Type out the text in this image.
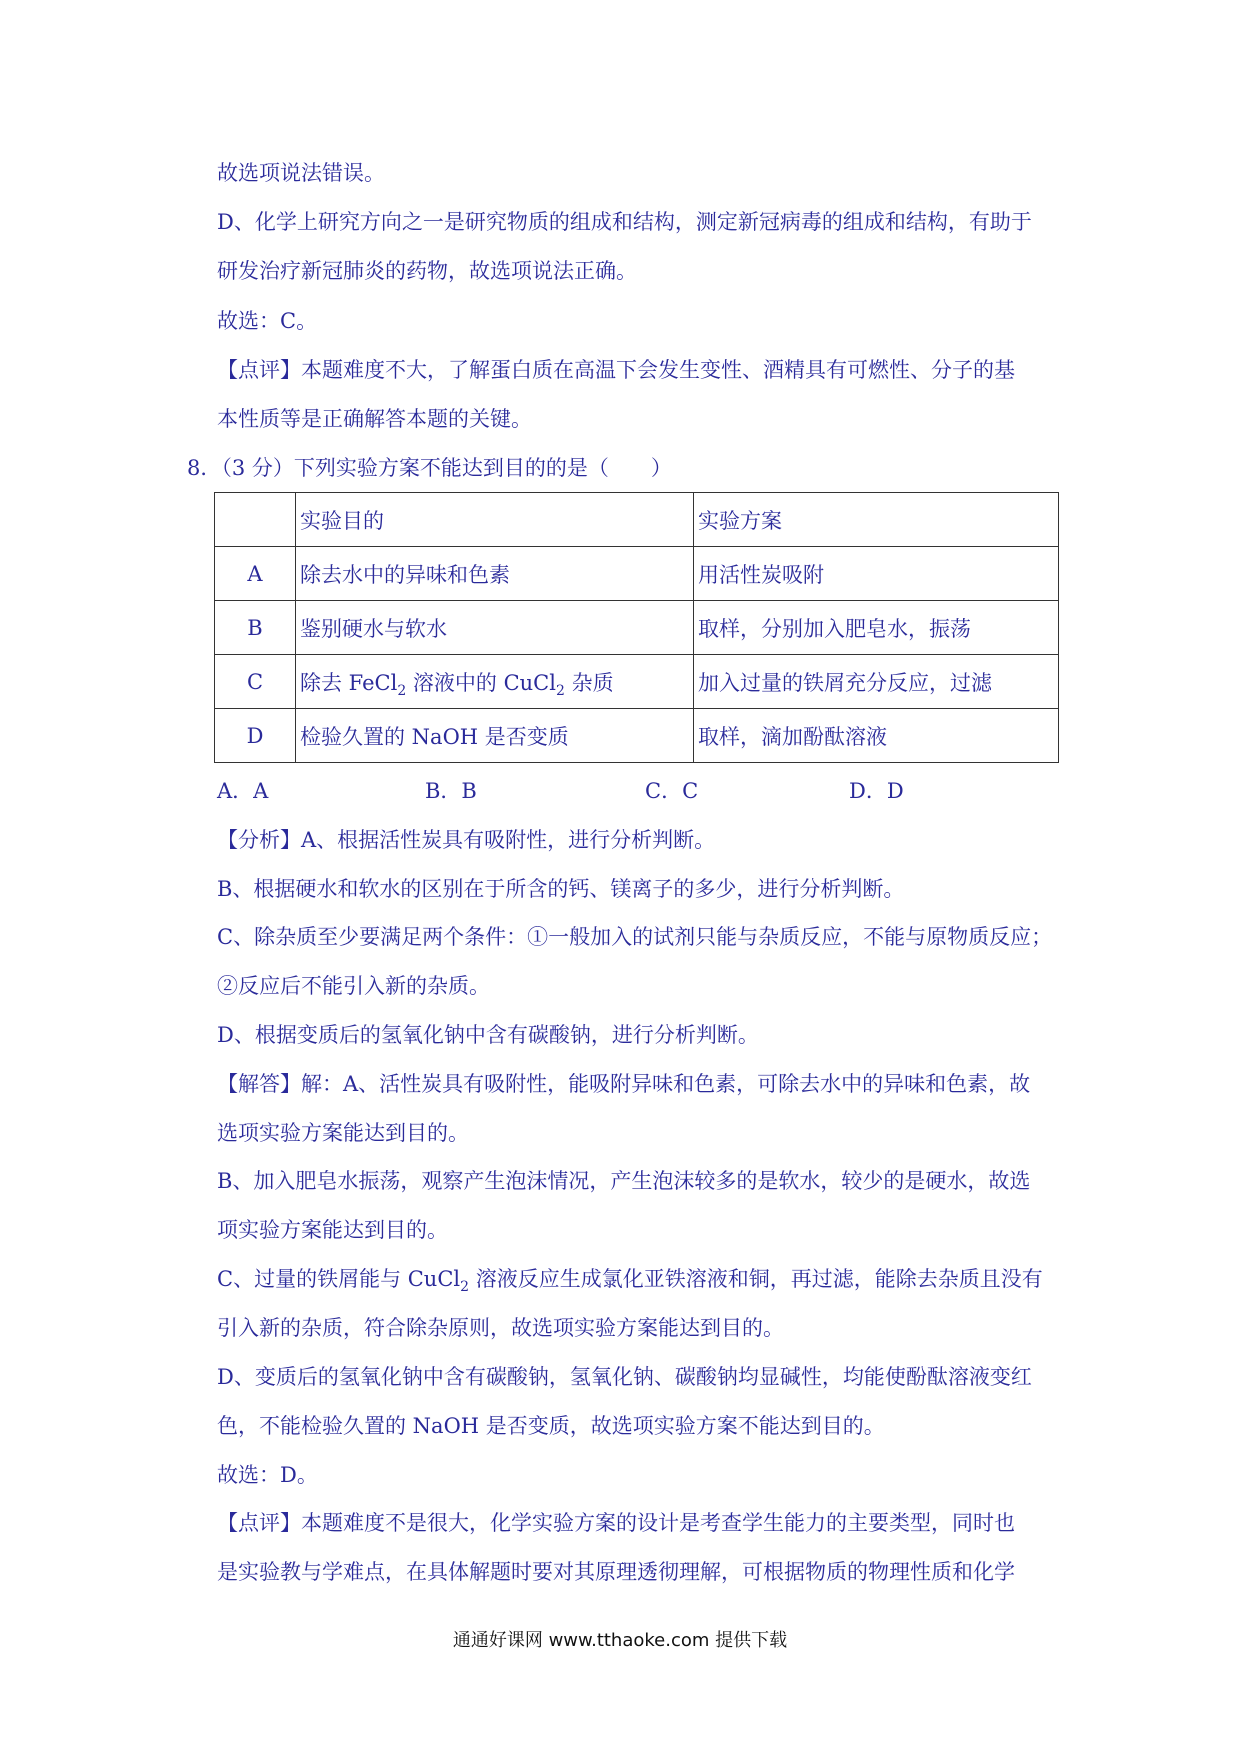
故选项说法错误。
D、化学上研究方向之一是研究物质的组成和结构，测定新冠病毒的组成和结构，有助于
研发治疗新冠肺炎的药物，故选项说法正确。
故选：C。
【点评】本题难度不大，了解蛋白质在高温下会发生变性、酒精具有可燃性、分子的基
本性质等是正确解答本题的关键。
8．（3 分）下列实验方案不能达到目的的是（　　）
	实验目的	实验方案
A	除去水中的异味和色素	用活性炭吸附
B	鉴别硬水与软水	取样，分别加入肥皂水，振荡
C	除去 FeCl$_2$ 溶液中的 CuCl$_2$ 杂质	加入过量的铁屑充分反应，过滤
D	检验久置的 NaOH 是否变质	取样，滴加酚酞溶液
A．A	B．B	C．C	D．D
【分析】A、根据活性炭具有吸附性，进行分析判断。
B、根据硬水和软水的区别在于所含的钙、镁离子的多少，进行分析判断。
C、除杂质至少要满足两个条件：①一般加入的试剂只能与杂质反应，不能与原物质反应；
②反应后不能引入新的杂质。
D、根据变质后的氢氧化钠中含有碳酸钠，进行分析判断。
【解答】解：A、活性炭具有吸附性，能吸附异味和色素，可除去水中的异味和色素，故
选项实验方案能达到目的。
B、加入肥皂水振荡，观察产生泡沫情况，产生泡沫较多的是软水，较少的是硬水，故选
项实验方案能达到目的。
C、过量的铁屑能与 CuCl$_2$ 溶液反应生成氯化亚铁溶液和铜，再过滤，能除去杂质且没有
引入新的杂质，符合除杂原则，故选项实验方案能达到目的。
D、变质后的氢氧化钠中含有碳酸钠，氢氧化钠、碳酸钠均显碱性，均能使酚酞溶液变红
色，不能检验久置的 NaOH 是否变质，故选项实验方案不能达到目的。
故选：D。
【点评】本题难度不是很大，化学实验方案的设计是考查学生能力的主要类型，同时也
是实验教与学难点，在具体解题时要对其原理透彻理解，可根据物质的物理性质和化学
通通好课网 www.tthaoke.com 提供下载
